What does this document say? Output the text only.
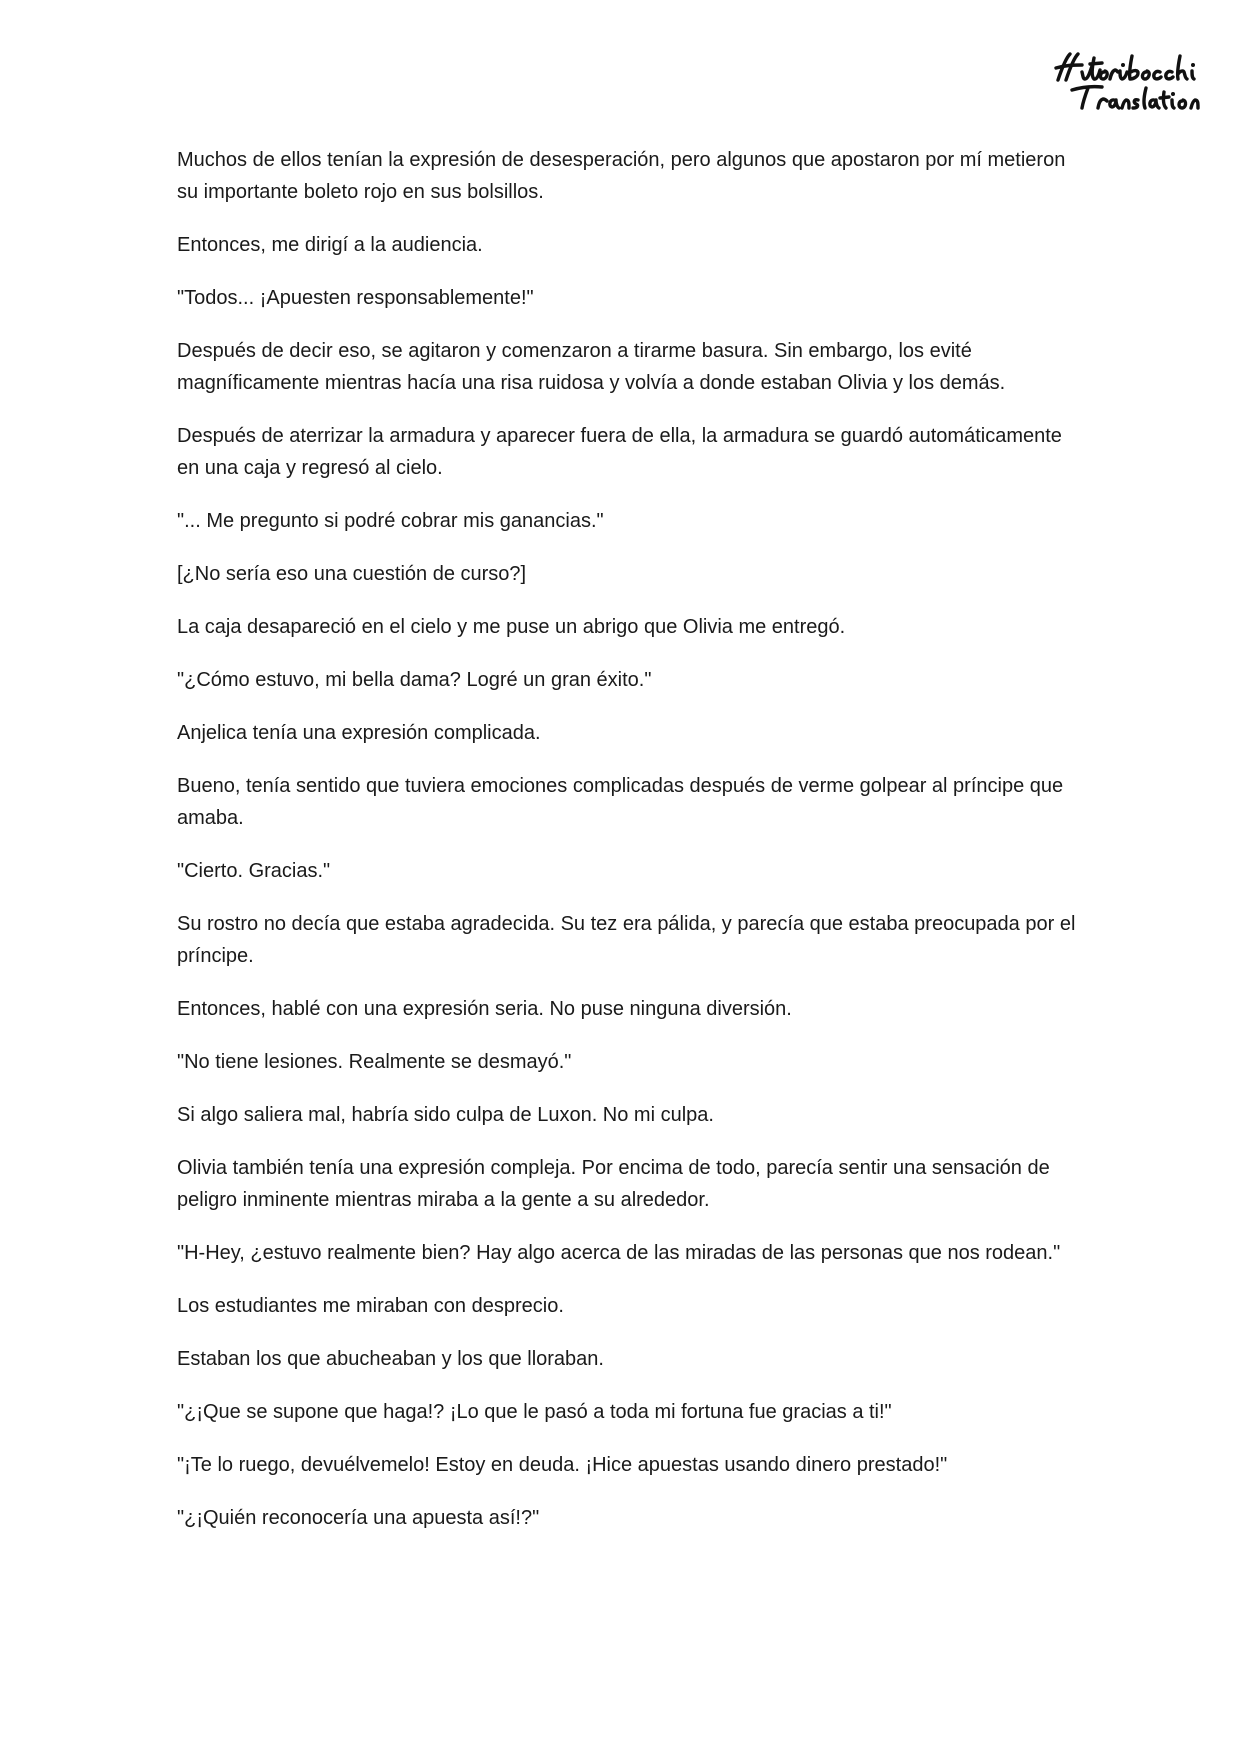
Muchos de ellos tenían la expresión de desesperación, pero algunos que apostaron por mí metieron su importante boleto rojo en sus bolsillos.

Entonces, me dirigí a la audiencia.

"Todos... ¡Apuesten responsablemente!"

Después de decir eso, se agitaron y comenzaron a tirarme basura. Sin embargo, los evité magníficamente mientras hacía una risa ruidosa y volvía a donde estaban Olivia y los demás.

Después de aterrizar la armadura y aparecer fuera de ella, la armadura se guardó automáticamente en una caja y regresó al cielo.

"... Me pregunto si podré cobrar mis ganancias."

[¿No sería eso una cuestión de curso?]

La caja desapareció en el cielo y me puse un abrigo que Olivia me entregó.

"¿Cómo estuvo, mi bella dama? Logré un gran éxito."

Anjelica tenía una expresión complicada.

Bueno, tenía sentido que tuviera emociones complicadas después de verme golpear al príncipe que amaba.

"Cierto. Gracias."

Su rostro no decía que estaba agradecida. Su tez era pálida, y parecía que estaba preocupada por el príncipe.

Entonces, hablé con una expresión seria. No puse ninguna diversión.

"No tiene lesiones. Realmente se desmayó."

Si algo saliera mal, habría sido culpa de Luxon. No mi culpa.

Olivia también tenía una expresión compleja. Por encima de todo, parecía sentir una sensación de peligro inminente mientras miraba a la gente a su alrededor.

"H-Hey, ¿estuvo realmente bien? Hay algo acerca de las miradas de las personas que nos rodean."

Los estudiantes me miraban con desprecio.

Estaban los que abucheaban y los que lloraban.

"¿¡Que se supone que haga!? ¡Lo que le pasó a toda mi fortuna fue gracias a ti!"

"¡Te lo ruego, devuélvemelo! Estoy en deuda. ¡Hice apuestas usando dinero prestado!"

"¿¡Quién reconocería una apuesta así!?"
